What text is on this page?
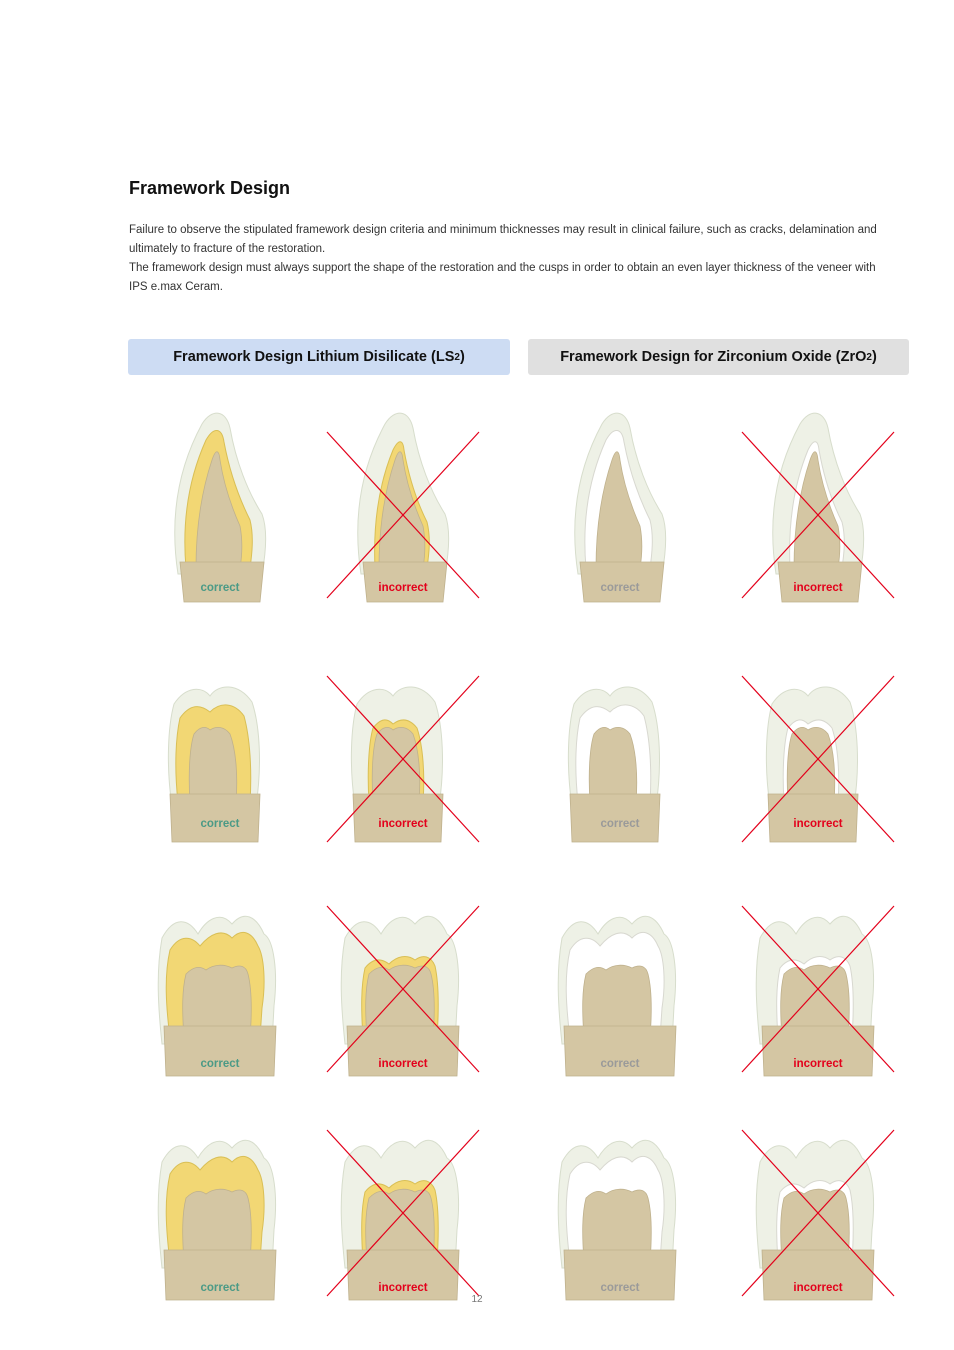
Framework Design

Failure to observe the stipulated framework design criteria and minimum thicknesses may result in clinical failure, such as cracks, delamination and ultimately to fracture of the restoration.

The framework design must always support the shape of the restoration and the cusps in order to obtain an even layer thickness of the veneer with IPS e.max Ceram.

Framework Design Lithium Disilicate (LS 2 )	Framework Design for Zirconium Oxide (ZrO 2 )
correct	incorrect	correct	incorrect
correct	incorrect	correct	incorrect
correct	incorrect	correct	incorrect
correct	incorrect	correct	incorrect
12
